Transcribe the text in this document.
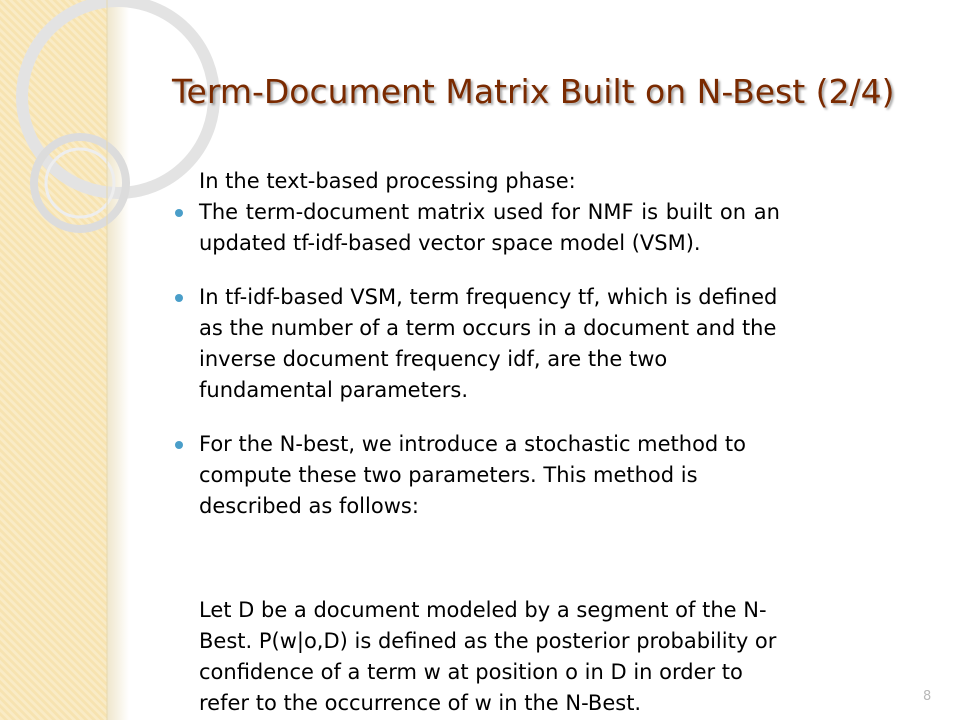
Term-Document Matrix Built on N-Best (2/4)

In the text-based processing phase:

The term-document matrix used for NMF is built on an
updated tf-idf-based vector space model (VSM).

In tf-idf-based VSM, term frequency tf, which is defined
as the number of a term occurs in a document and the
inverse document frequency idf, are the two
fundamental parameters.

For the N-best, we introduce a stochastic method to
compute these two parameters. This method is
described as follows:

Let D be a document modeled by a segment of the N-
Best. P(w|o,D) is defined as the posterior probability or
confidence of a term w at position o in D in order to
refer to the occurrence of w in the N-Best.	8
